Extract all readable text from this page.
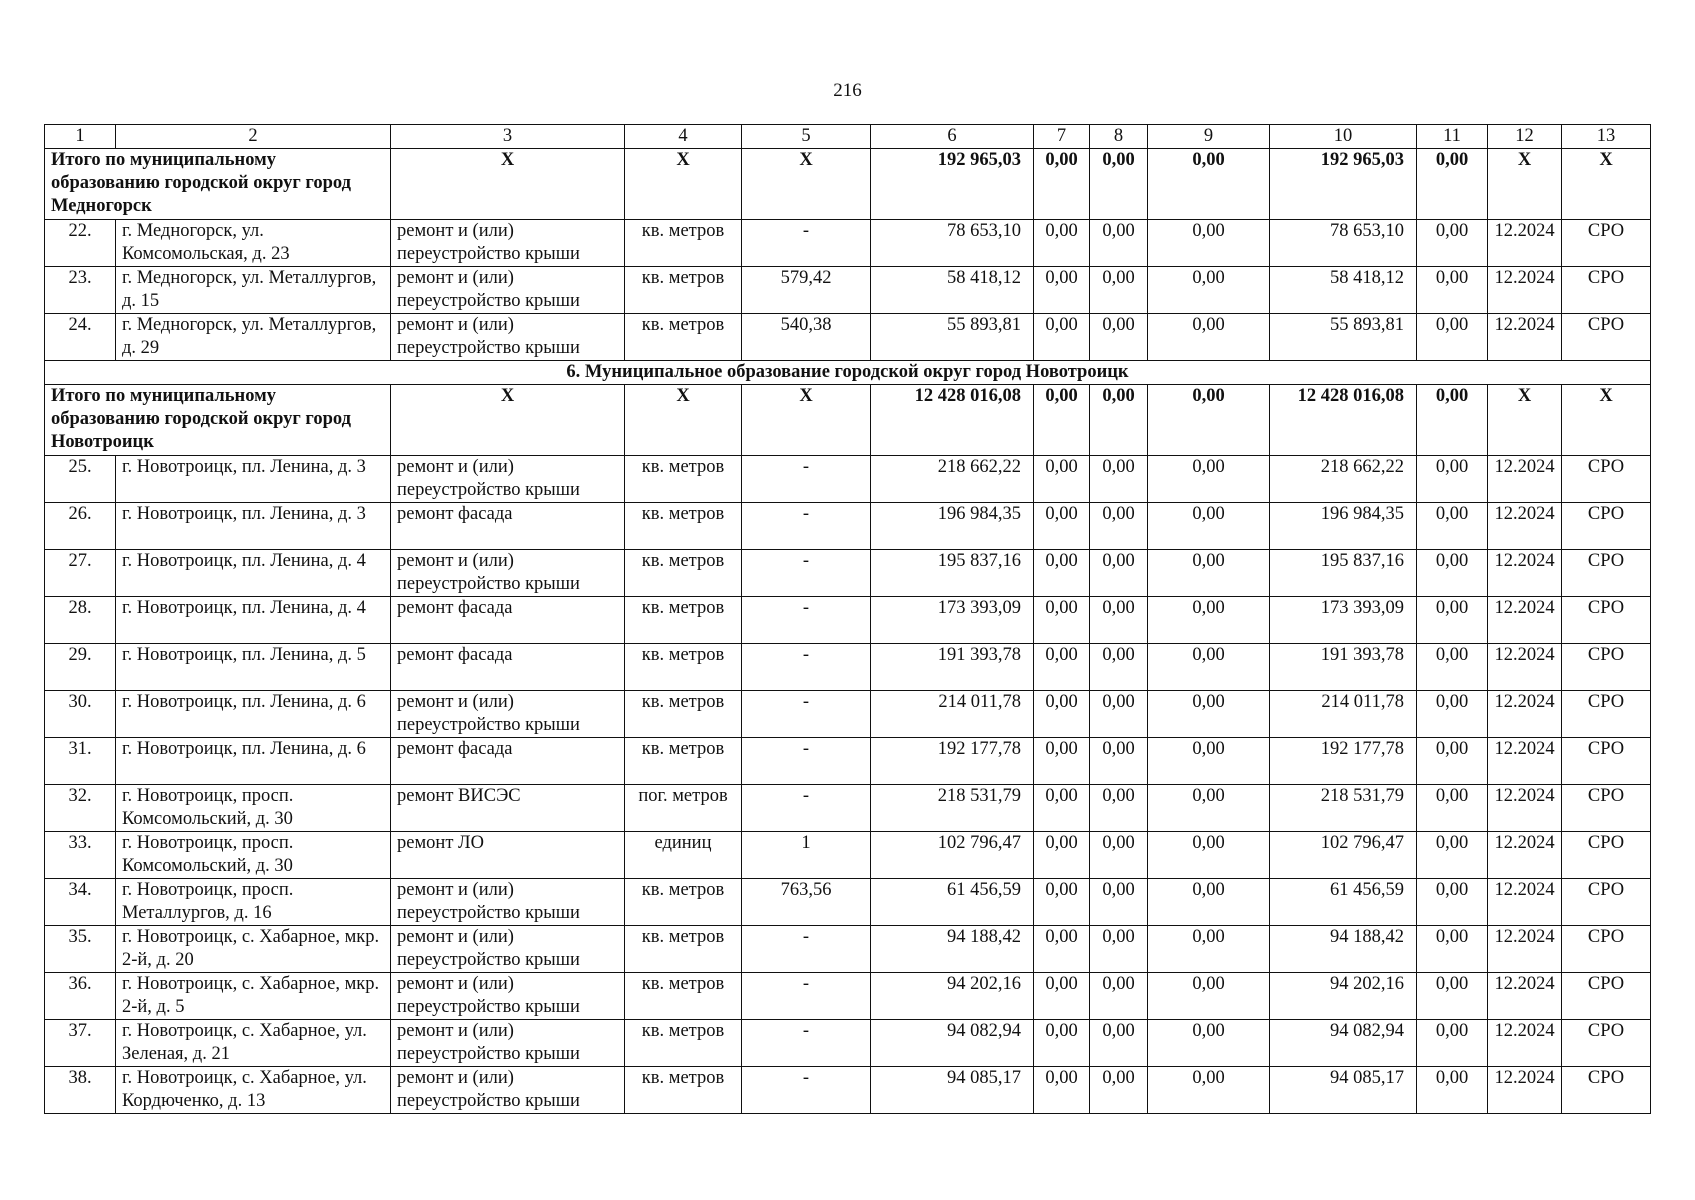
216
1	2	3	4	5	6	7	8	9	10	11	12	13
Итого по муниципальному образованию городской округ город Медногорск		Х	Х	Х	192 965,03	0,00	0,00	0,00	192 965,03	0,00	Х	Х
22.	г. Медногорск, ул. Комсомольская, д. 23	ремонт и (или) переустройство крыши	кв. метров	-	78 653,10	0,00	0,00	0,00	78 653,10	0,00	12.2024	СРО
23.	г. Медногорск, ул. Металлургов, д. 15	ремонт и (или) переустройство крыши	кв. метров	579,42	58 418,12	0,00	0,00	0,00	58 418,12	0,00	12.2024	СРО
24.	г. Медногорск, ул. Металлургов, д. 29	ремонт и (или) переустройство крыши	кв. метров	540,38	55 893,81	0,00	0,00	0,00	55 893,81	0,00	12.2024	СРО
6. Муниципальное образование городской округ город Новотроицк												
Итого по муниципальному образованию городской округ город Новотроицк		Х	Х	Х	12 428 016,08	0,00	0,00	0,00	12 428 016,08	0,00	Х	Х
25.	г. Новотроицк, пл. Ленина, д. 3	ремонт и (или) переустройство крыши	кв. метров	-	218 662,22	0,00	0,00	0,00	218 662,22	0,00	12.2024	СРО
26.	г. Новотроицк, пл. Ленина, д. 3	ремонт фасада	кв. метров	-	196 984,35	0,00	0,00	0,00	196 984,35	0,00	12.2024	СРО
27.	г. Новотроицк, пл. Ленина, д. 4	ремонт и (или) переустройство крыши	кв. метров	-	195 837,16	0,00	0,00	0,00	195 837,16	0,00	12.2024	СРО
28.	г. Новотроицк, пл. Ленина, д. 4	ремонт фасада	кв. метров	-	173 393,09	0,00	0,00	0,00	173 393,09	0,00	12.2024	СРО
29.	г. Новотроицк, пл. Ленина, д. 5	ремонт фасада	кв. метров	-	191 393,78	0,00	0,00	0,00	191 393,78	0,00	12.2024	СРО
30.	г. Новотроицк, пл. Ленина, д. 6	ремонт и (или) переустройство крыши	кв. метров	-	214 011,78	0,00	0,00	0,00	214 011,78	0,00	12.2024	СРО
31.	г. Новотроицк, пл. Ленина, д. 6	ремонт фасада	кв. метров	-	192 177,78	0,00	0,00	0,00	192 177,78	0,00	12.2024	СРО
32.	г. Новотроицк, просп. Комсомольский, д. 30	ремонт ВИСЭС	пог. метров	-	218 531,79	0,00	0,00	0,00	218 531,79	0,00	12.2024	СРО
33.	г. Новотроицк, просп. Комсомольский, д. 30	ремонт ЛО	единиц	1	102 796,47	0,00	0,00	0,00	102 796,47	0,00	12.2024	СРО
34.	г. Новотроицк, просп. Металлургов, д. 16	ремонт и (или) переустройство крыши	кв. метров	763,56	61 456,59	0,00	0,00	0,00	61 456,59	0,00	12.2024	СРО
35.	г. Новотроицк, с. Хабарное, мкр. 2-й, д. 20	ремонт и (или) переустройство крыши	кв. метров	-	94 188,42	0,00	0,00	0,00	94 188,42	0,00	12.2024	СРО
36.	г. Новотроицк, с. Хабарное, мкр. 2-й, д. 5	ремонт и (или) переустройство крыши	кв. метров	-	94 202,16	0,00	0,00	0,00	94 202,16	0,00	12.2024	СРО
37.	г. Новотроицк, с. Хабарное, ул. Зеленая, д. 21	ремонт и (или) переустройство крыши	кв. метров	-	94 082,94	0,00	0,00	0,00	94 082,94	0,00	12.2024	СРО
38.	г. Новотроицк, с. Хабарное, ул. Кордюченко, д. 13	ремонт и (или) переустройство крыши	кв. метров	-	94 085,17	0,00	0,00	0,00	94 085,17	0,00	12.2024	СРО
